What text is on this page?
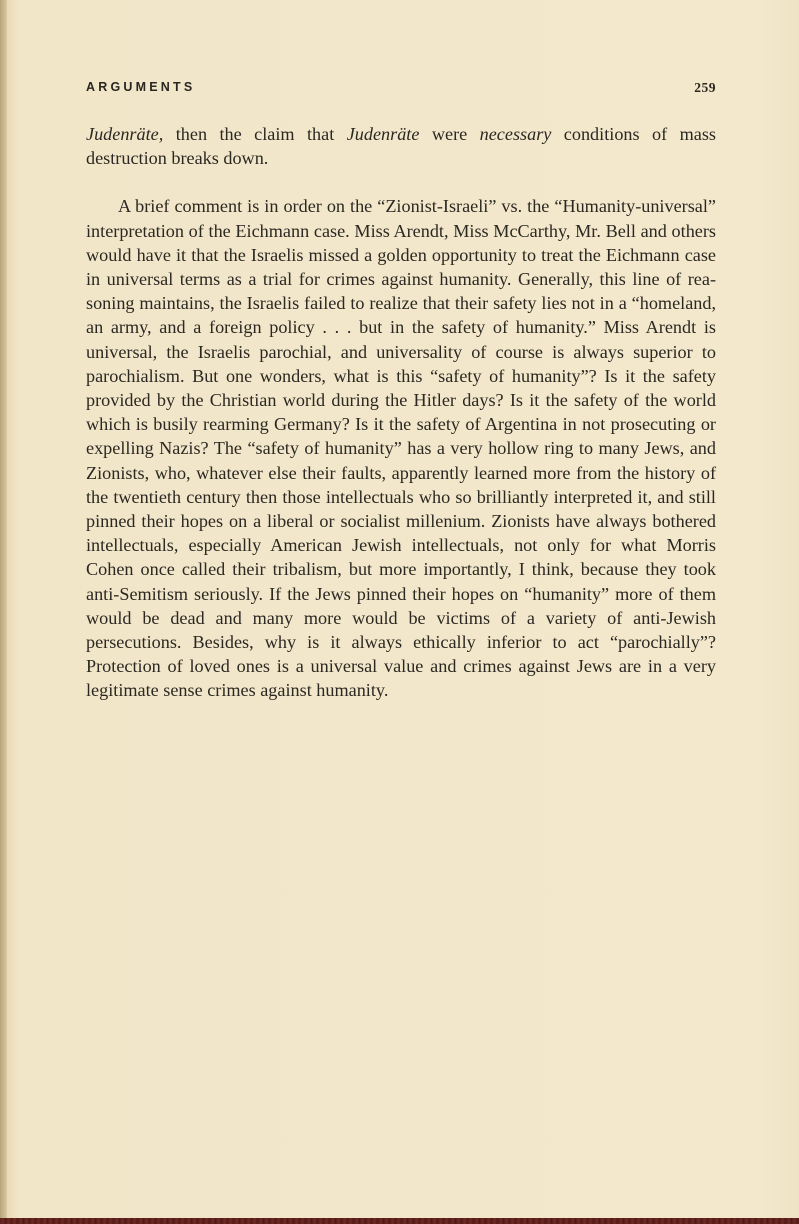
ARGUMENTS	259

Judenräte, then the claim that Judenräte were necessary conditions of mass destruction breaks down.

A brief comment is in order on the “Zionist-Israeli” vs. the “Humanity-universal” interpretation of the Eichmann case. Miss Arendt, Miss McCarthy, Mr. Bell and others would have it that the Israelis missed a golden opportunity to treat the Eichmann case in universal terms as a trial for crimes against humanity. Generally, this line of reasoning maintains, the Israelis failed to realize that their safety lies not in a “homeland, an army, and a foreign policy . . . but in the safety of humanity.” Miss Arendt is universal, the Israelis parochial, and universality of course is always superior to parochialism. But one wonders, what is this “safety of humanity”? Is it the safety provided by the Christian world during the Hitler days? Is it the safety of the world which is busily rearming Germany? Is it the safety of Argentina in not prosecuting or expelling Nazis? The “safety of humanity” has a very hollow ring to many Jews, and Zionists, who, whatever else their faults, apparently learned more from the history of the twentieth century then those intellectuals who so brilliantly interpreted it, and still pinned their hopes on a liberal or socialist millenium. Zionists have always bothered intellectuals, especially American Jewish intellectuals, not only for what Morris Cohen once called their tribalism, but more importantly, I think, because they took anti-Semitism seriously. If the Jews pinned their hopes on “humanity” more of them would be dead and many more would be victims of a variety of anti-Jewish persecutions. Besides, why is it always ethically inferior to act “parochially”? Protection of loved ones is a universal value and crimes against Jews are in a very legitimate sense crimes against humanity.
